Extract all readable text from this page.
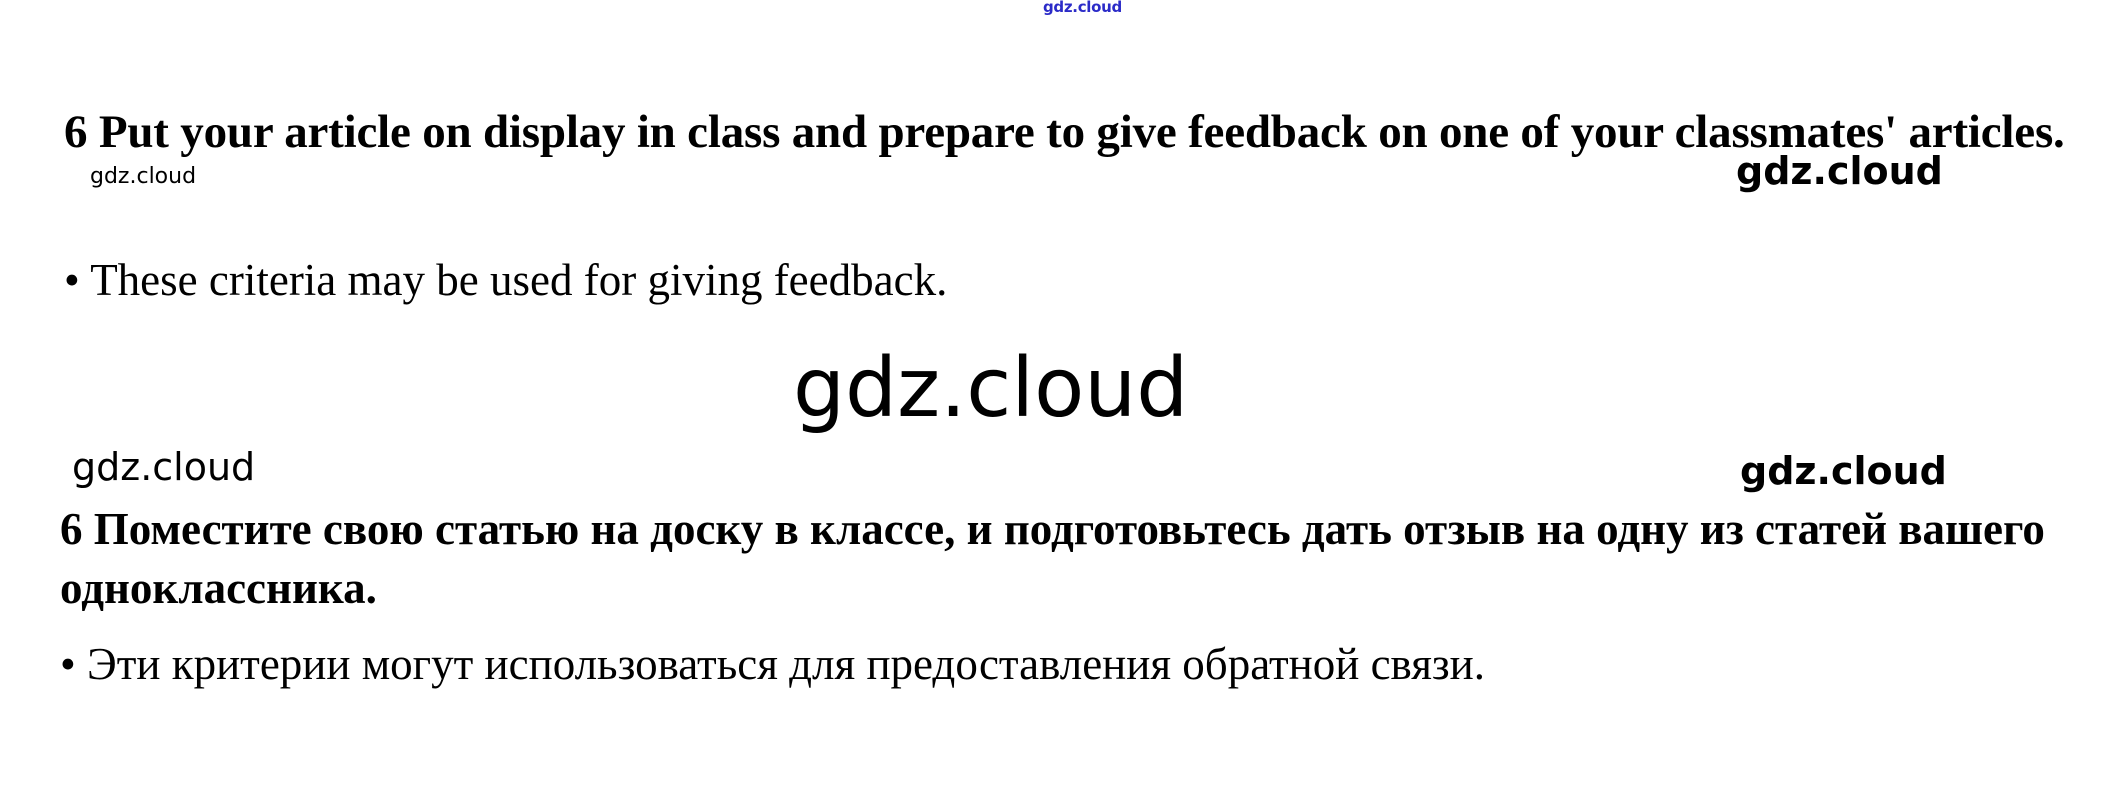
6 Put your article on display in class and prepare to give feedback on one of your classmates' articles.
• These criteria may be used for giving feedback.
6 Поместите свою статью на доску в классе, и подготовьтесь дать отзыв на одну из статей вашего одноклассника.
• Эти критерии могут использоваться для предоставления обратной связи.
gdz.cloud
gdz.cloud	gdz.cloud
gdz.cloud
gdz.cloud	gdz.cloud
